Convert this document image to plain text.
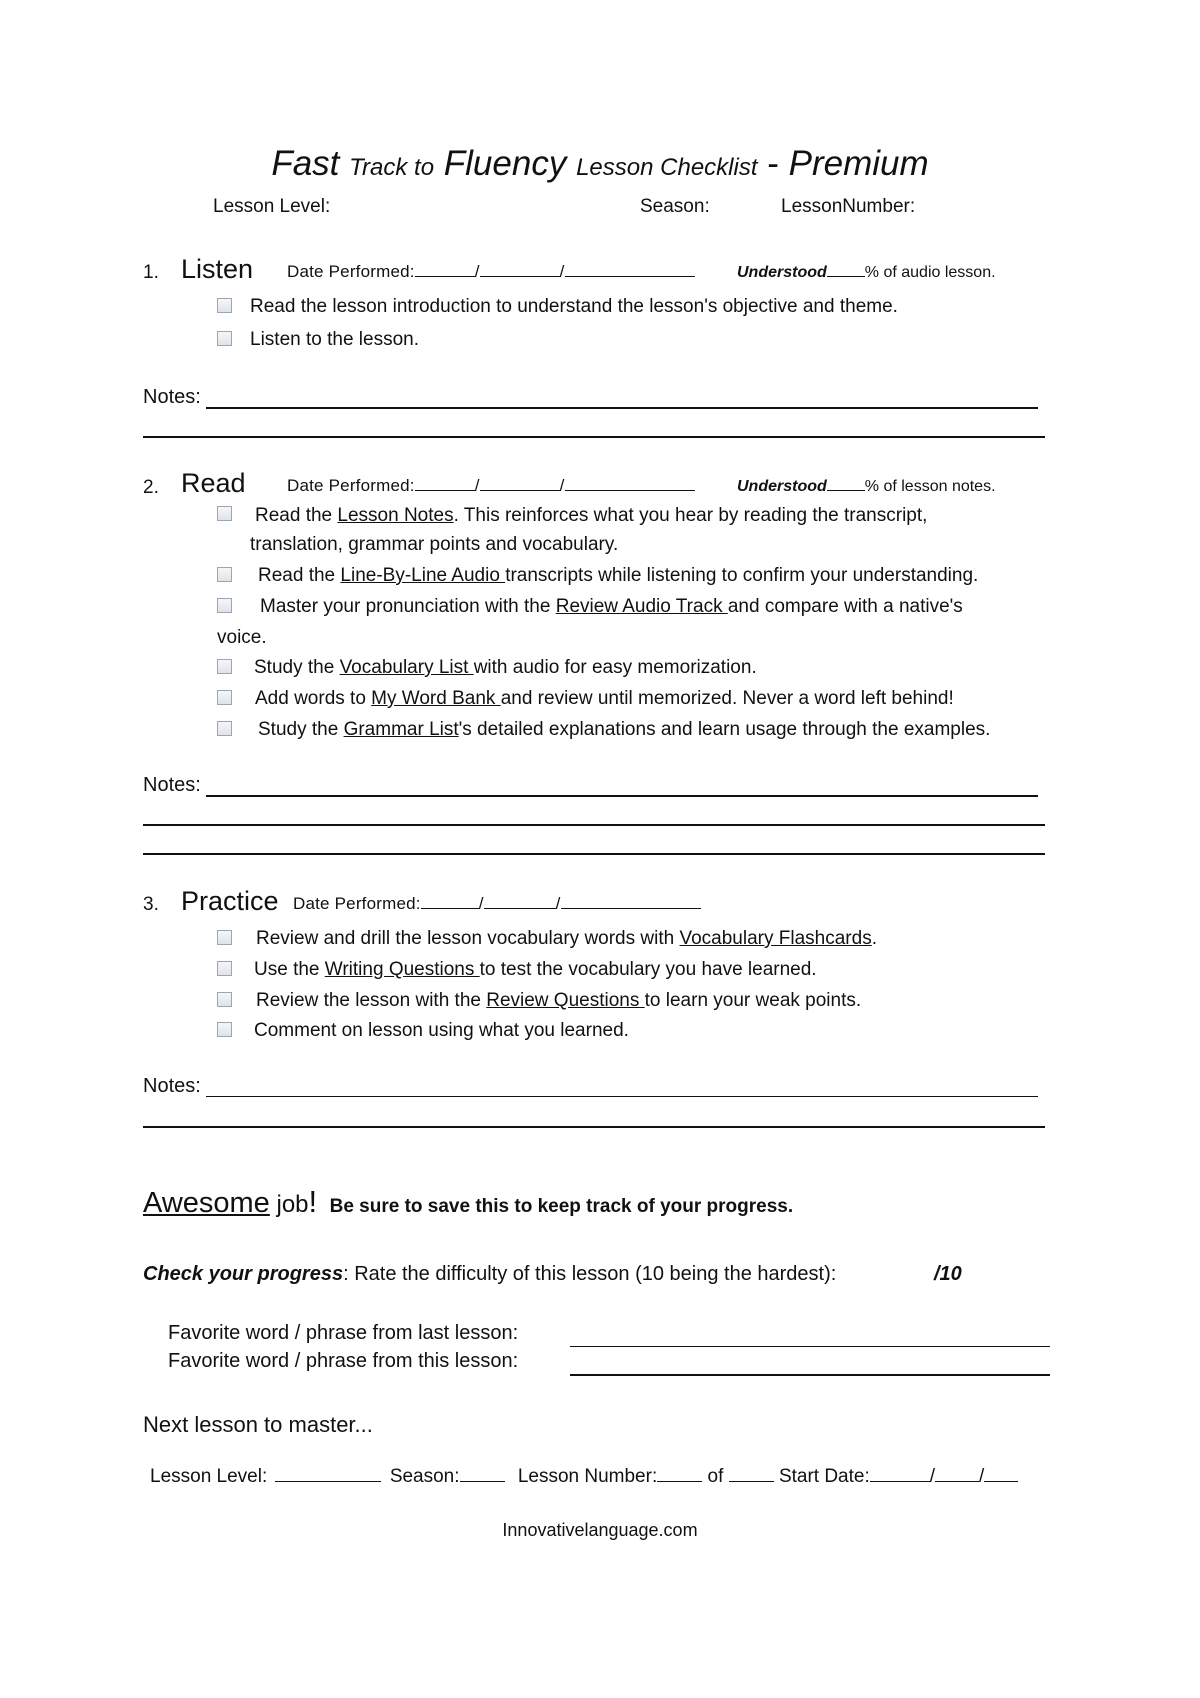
Fast Track to Fluency Lesson Checklist - Premium
Lesson Level:	Season:	LessonNumber:
1. Listen Date Performed:	/	/	Understood % of audio lesson.
Read the lesson introduction to understand the lesson's objective and theme.
Listen to the lesson.
Notes:
2. Read Date Performed:	/	/	Understood % of lesson notes.
Read the Lesson Notes. This reinforces what you hear by reading the transcript,
translation, grammar points and vocabulary.
Read the Line-By-Line Audio transcripts while listening to confirm your understanding.
Master your pronunciation with the Review Audio Track and compare with a native's
voice.
Study the Vocabulary List with audio for easy memorization.
Add words to My Word Bank and review until memorized. Never a word left behind!
Study the Grammar List's detailed explanations and learn usage through the examples.
Notes:
3. Practice Date Performed:	/	/
Review and drill the lesson vocabulary words with Vocabulary Flashcards.
Use the Writing Questions to test the vocabulary you have learned.
Review the lesson with the Review Questions to learn your weak points.
Comment on lesson using what you learned.
Notes:
Awesome job! Be sure to save this to keep track of your progress.
Check your progress: Rate the difficulty of this lesson (10 being the hardest):	/10
Favorite word / phrase from last lesson:
Favorite word / phrase from this lesson:
Next lesson to master...
Lesson Level:	Season:	Lesson Number:	of	Start Date:	/ /
Innovativelanguage.com
